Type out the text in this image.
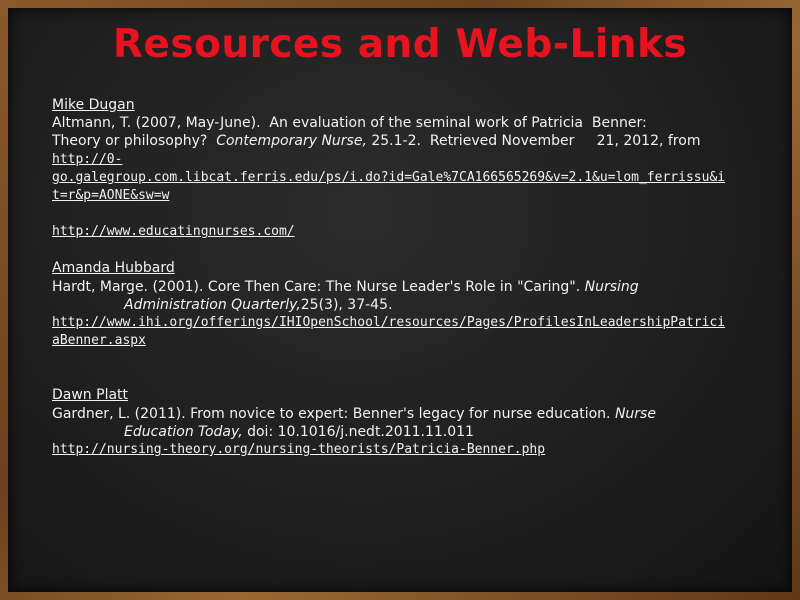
Resources and Web-Links
Mike Dugan
Altmann, T. (2007, May-June).  An evaluation of the seminal work of Patricia  Benner:
Theory or philosophy?  Contemporary Nurse, 25.1-2.  Retrieved November     21, 2012, from
http://0-
go.galegroup.com.libcat.ferris.edu/ps/i.do?id=Gale%7CA166565269&v=2.1&u=lom_ferrissu&i
t=r&p=AONE&sw=w
http://www.educatingnurses.com/
Amanda Hubbard
Hardt, Marge. (2001). Core Then Care: The Nurse Leader's Role in "Caring". Nursing
Administration Quarterly,25(3), 37-45.
http://www.ihi.org/offerings/IHIOpenSchool/resources/Pages/ProfilesInLeadershipPatrici
aBenner.aspx
Dawn Platt
Gardner, L. (2011). From novice to expert: Benner's legacy for nurse education. Nurse
Education Today, doi: 10.1016/j.nedt.2011.11.011
http://nursing-theory.org/nursing-theorists/Patricia-Benner.php
